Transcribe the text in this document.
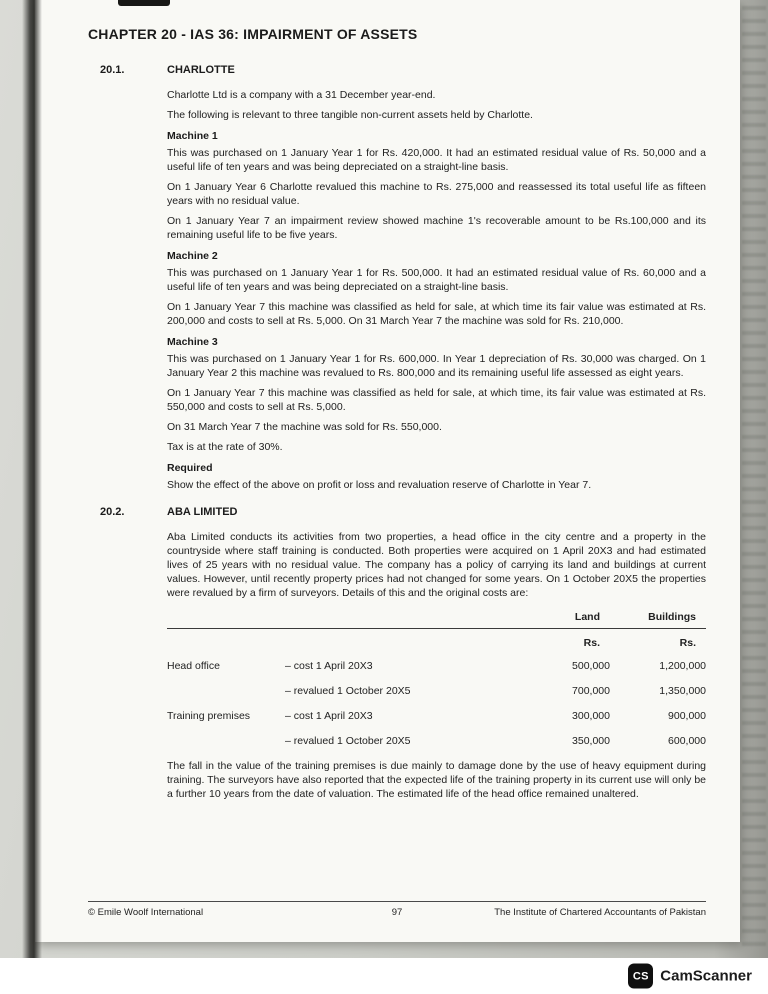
CHAPTER 20 - IAS 36: IMPAIRMENT OF ASSETS
20.1.	CHARLOTTE

Charlotte Ltd is a company with a 31 December year-end.

The following is relevant to three tangible non-current assets held by Charlotte.

Machine 1

This was purchased on 1 January Year 1 for Rs. 420,000. It had an estimated residual value of Rs. 50,000 and a useful life of ten years and was being depreciated on a straight-line basis.

On 1 January Year 6 Charlotte revalued this machine to Rs. 275,000 and reassessed its total useful life as fifteen years with no residual value.

On 1 January Year 7 an impairment review showed machine 1's recoverable amount to be Rs.100,000 and its remaining useful life to be five years.

Machine 2

This was purchased on 1 January Year 1 for Rs. 500,000. It had an estimated residual value of Rs. 60,000 and a useful life of ten years and was being depreciated on a straight-line basis.

On 1 January Year 7 this machine was classified as held for sale, at which time its fair value was estimated at Rs. 200,000 and costs to sell at Rs. 5,000. On 31 March Year 7 the machine was sold for Rs. 210,000.

Machine 3

This was purchased on 1 January Year 1 for Rs. 600,000. In Year 1 depreciation of Rs. 30,000 was charged. On 1 January Year 2 this machine was revalued to Rs. 800,000 and its remaining useful life assessed as eight years.

On 1 January Year 7 this machine was classified as held for sale, at which time, its fair value was estimated at Rs. 550,000 and costs to sell at Rs. 5,000.

On 31 March Year 7 the machine was sold for Rs. 550,000.

Tax is at the rate of 30%.

Required

Show the effect of the above on profit or loss and revaluation reserve of Charlotte in Year 7.

20.2.	ABA LIMITED

Aba Limited conducts its activities from two properties, a head office in the city centre and a property in the countryside where staff training is conducted. Both properties were acquired on 1 April 20X3 and had estimated lives of 25 years with no residual value. The company has a policy of carrying its land and buildings at current values. However, until recently property prices had not changed for some years. On 1 October 20X5 the properties were revalued by a firm of surveyors. Details of this and the original costs are:

Land	Buildings
Rs.	Rs.
Head office	– cost 1 April 20X3	500,000	1,200,000
– revalued 1 October 20X5	700,000	1,350,000
Training premises	– cost 1 April 20X3	300,000	900,000
– revalued 1 October 20X5	350,000	600,000

The fall in the value of the training premises is due mainly to damage done by the use of heavy equipment during training. The surveyors have also reported that the expected life of the training property in its current use will only be a further 10 years from the date of valuation. The estimated life of the head office remained unaltered.

© Emile Woolf International	97	The Institute of Chartered Accountants of Pakistan
CS CamScanner
